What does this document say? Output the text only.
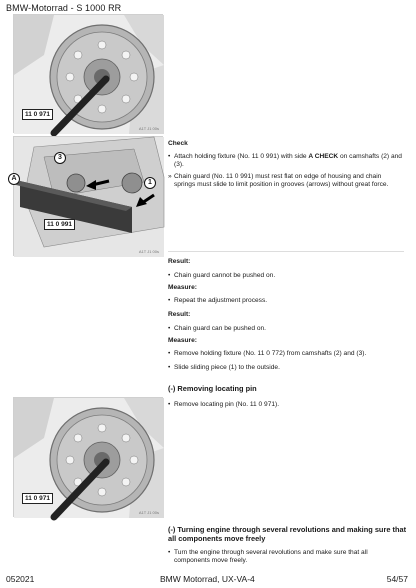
BMW-Motorrad - S 1000 RR
11 0 971
A1T J1 00s
3
1
A
11 0 991
A1T J1 00s
11 0 971
A1T J1 00s
Check
• Attach holding fixture (No. 11 0 991) with side A CHECK on camshafts (2) and (3).
» Chain guard (No. 11 0 991) must rest flat on edge of housing and chain springs must slide to limit position in grooves (arrows) without great force.
Result:
• Chain guard cannot be pushed on.
Measure:
• Repeat the adjustment process.
Result:
• Chain guard can be pushed on.
Measure:
• Remove holding fixture (No. 11 0 772) from camshafts (2) and (3).
• Slide sliding piece (1) to the outside.
(-) Removing locating pin
• Remove locating pin (No. 11 0 971).
(-) Turning engine through several revolutions and making sure that all components move freely
• Turn the engine through several revolutions and make sure that all components move freely.
052021	BMW Motorrad, UX-VA-4	54/57
